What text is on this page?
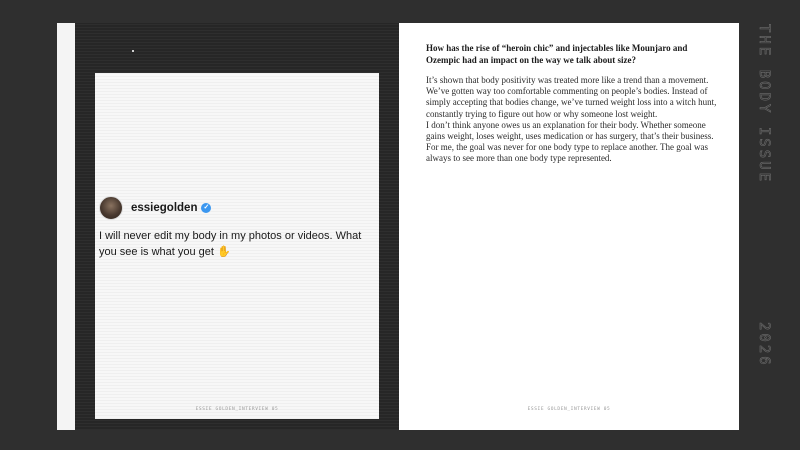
essiegolden ✓
I will never edit my body in my photos or videos. What you see is what you get ✋
ESSIE GOLDEN_INTERVIEW 05
How has the rise of “heroin chic” and injectables like Mounjaro and Ozempic had an impact on the way we talk about size?

It’s shown that body positivity was treated more like a trend than a movement. We’ve gotten way too comfortable commenting on people’s bodies. Instead of simply accepting that bodies change, we’ve turned weight loss into a witch hunt, constantly trying to figure out how or why someone lost weight.

I don’t think anyone owes us an explanation for their body. Whether someone gains weight, loses weight, uses medication or has surgery, that’s their business. For me, the goal was never for one body type to replace another. The goal was always to see more than one body type represented.

ESSIE GOLDEN_INTERVIEW 05
THE BODY ISSUE
2026
